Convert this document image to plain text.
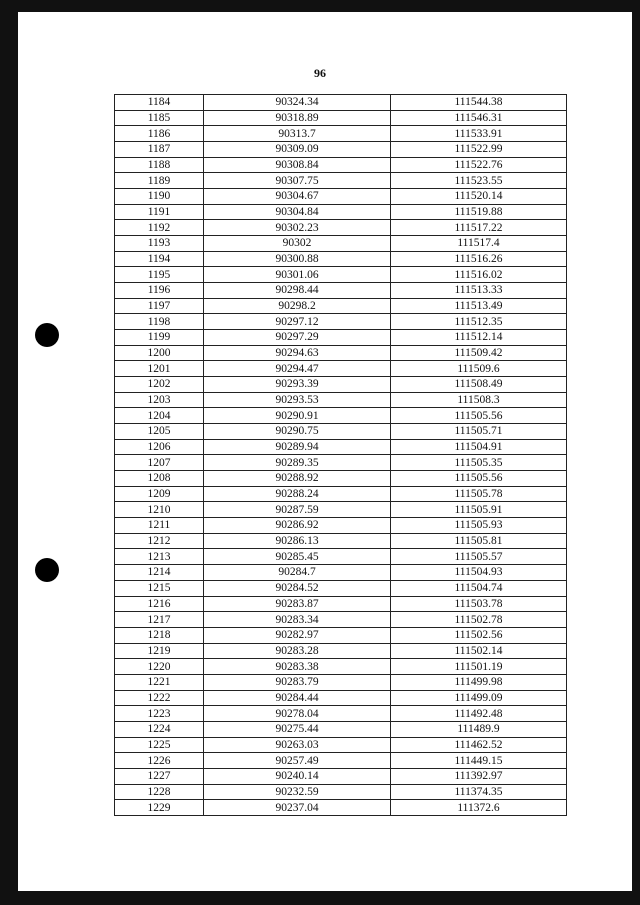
96
1184	90324.34	111544.38
1185	90318.89	111546.31
1186	90313.7	111533.91
1187	90309.09	111522.99
1188	90308.84	111522.76
1189	90307.75	111523.55
1190	90304.67	111520.14
1191	90304.84	111519.88
1192	90302.23	111517.22
1193	90302	111517.4
1194	90300.88	111516.26
1195	90301.06	111516.02
1196	90298.44	111513.33
1197	90298.2	111513.49
1198	90297.12	111512.35
1199	90297.29	111512.14
1200	90294.63	111509.42
1201	90294.47	111509.6
1202	90293.39	111508.49
1203	90293.53	111508.3
1204	90290.91	111505.56
1205	90290.75	111505.71
1206	90289.94	111504.91
1207	90289.35	111505.35
1208	90288.92	111505.56
1209	90288.24	111505.78
1210	90287.59	111505.91
1211	90286.92	111505.93
1212	90286.13	111505.81
1213	90285.45	111505.57
1214	90284.7	111504.93
1215	90284.52	111504.74
1216	90283.87	111503.78
1217	90283.34	111502.78
1218	90282.97	111502.56
1219	90283.28	111502.14
1220	90283.38	111501.19
1221	90283.79	111499.98
1222	90284.44	111499.09
1223	90278.04	111492.48
1224	90275.44	111489.9
1225	90263.03	111462.52
1226	90257.49	111449.15
1227	90240.14	111392.97
1228	90232.59	111374.35
1229	90237.04	111372.6
